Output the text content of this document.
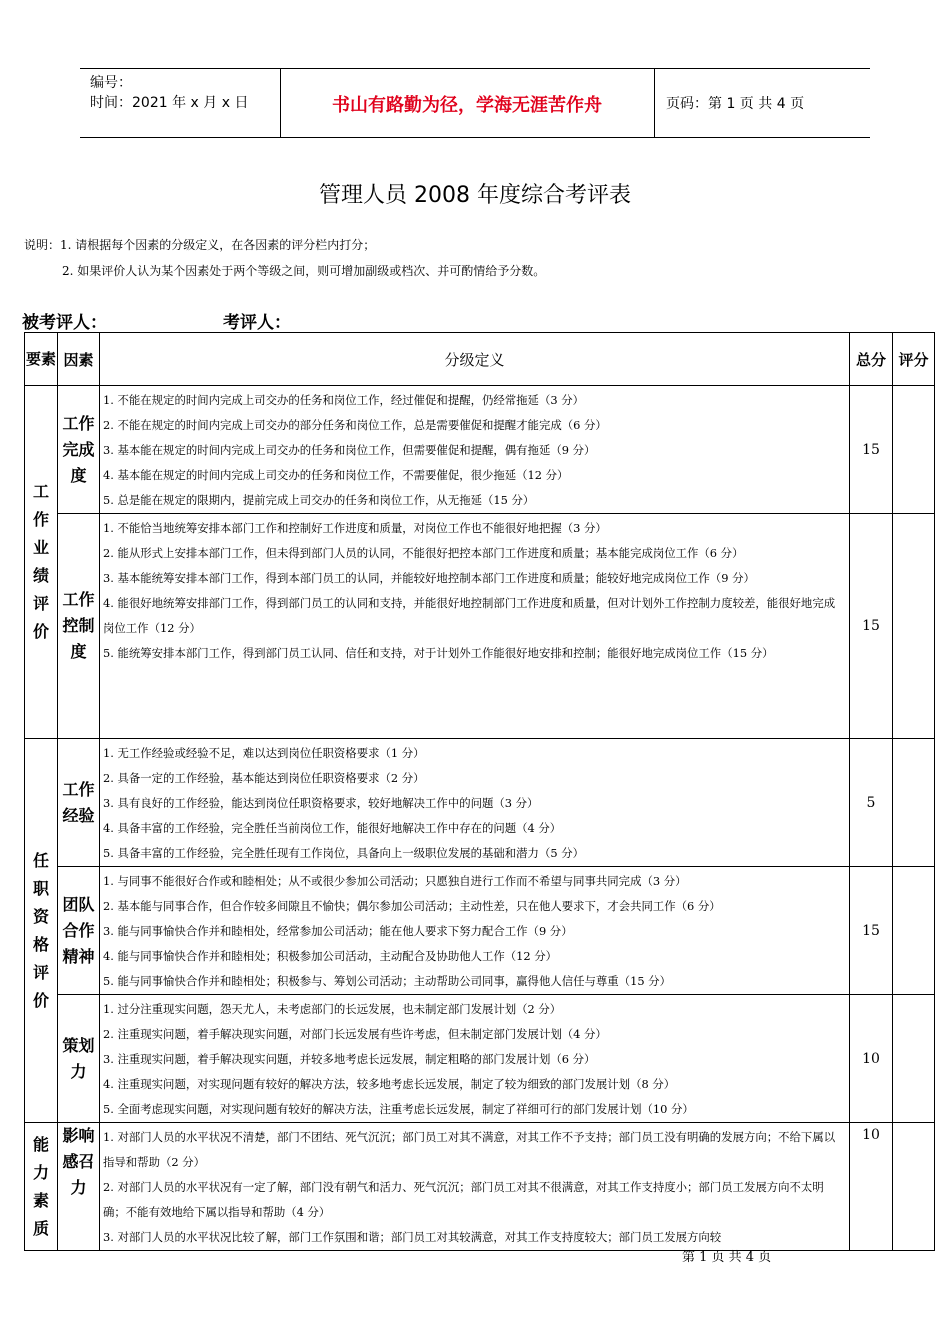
编号：
时间：2021 年 x 月 x 日	书山有路勤为径，学海无涯苦作舟	页码：第 1 页 共 4 页
管理人员 2008 年度综合考评表
说明：1. 请根据每个因素的分级定义，在各因素的评分栏内打分；
2. 如果评价人认为某个因素处于两个等级之间，则可增加副级或档次、并可酌情给予分数。
被考评人：	考评人：
要素	因素	分级定义	总分	评分

工作业绩评价	工作完成度	1. 不能在规定的时间内完成上司交办的任务和岗位工作，经过催促和提醒，仍经常拖延（3 分）
2. 不能在规定的时间内完成上司交办的部分任务和岗位工作，总是需要催促和提醒才能完成（6 分）
3. 基本能在规定的时间内完成上司交办的任务和岗位工作，但需要催促和提醒，偶有拖延（9 分）
4. 基本能在规定的时间内完成上司交办的任务和岗位工作，不需要催促，很少拖延（12 分）
5. 总是能在规定的限期内，提前完成上司交办的任务和岗位工作，从无拖延（15 分）	15	

	工作控制度	1. 不能恰当地统筹安排本部门工作和控制好工作进度和质量，对岗位工作也不能很好地把握（3 分）
2. 能从形式上安排本部门工作，但未得到部门人员的认同，不能很好把控本部门工作进度和质量；基本能完成岗位工作（6 分）
3. 基本能统筹安排本部门工作，得到本部门员工的认同，并能较好地控制本部门工作进度和质量；能较好地完成岗位工作（9 分）
4. 能很好地统筹安排部门工作，得到部门员工的认同和支持，并能很好地控制部门工作进度和质量，但对计划外工作控制力度较差，能很好地完成岗位工作（12 分）
5. 能统筹安排本部门工作，得到部门员工认同、信任和支持，对于计划外工作能很好地安排和控制；能很好地完成岗位工作（15 分）	15	

任职资格评价	工作经验	1. 无工作经验或经验不足，难以达到岗位任职资格要求（1 分）
2. 具备一定的工作经验，基本能达到岗位任职资格要求（2 分）
3. 具有良好的工作经验，能达到岗位任职资格要求，较好地解决工作中的问题（3 分）
4. 具备丰富的工作经验，完全胜任当前岗位工作，能很好地解决工作中存在的问题（4 分）
5. 具备丰富的工作经验，完全胜任现有工作岗位，具备向上一级职位发展的基础和潜力（5 分）	5	

	团队合作精神	1. 与同事不能很好合作或和睦相处；从不或很少参加公司活动；只愿独自进行工作而不希望与同事共同完成（3 分）
2. 基本能与同事合作，但合作较多间隙且不愉快；偶尔参加公司活动；主动性差，只在他人要求下，才会共同工作（6 分）
3. 能与同事愉快合作并和睦相处，经常参加公司活动；能在他人要求下努力配合工作（9 分）
4. 能与同事愉快合作并和睦相处；积极参加公司活动，主动配合及协助他人工作（12 分）
5. 能与同事愉快合作并和睦相处；积极参与、筹划公司活动；主动帮助公司同事，赢得他人信任与尊重（15 分）	15	

	策划力	1. 过分注重现实问题，怨天尤人，未考虑部门的长远发展，也未制定部门发展计划（2 分）
2. 注重现实问题，着手解决现实问题，对部门长远发展有些许考虑，但未制定部门发展计划（4 分）
3. 注重现实问题，着手解决现实问题，并较多地考虑长远发展，制定粗略的部门发展计划（6 分）
4. 注重现实问题，对实现问题有较好的解决方法，较多地考虑长远发展，制定了较为细致的部门发展计划（8 分）
5. 全面考虑现实问题，对实现问题有较好的解决方法，注重考虑长远发展，制定了祥细可行的部门发展计划（10 分）	10	

能力素质	影响感召力	1. 对部门人员的水平状况不清楚，部门不团结、死气沉沉；部门员工对其不满意，对其工作不予支持；部门员工没有明确的发展方向；不给下属以指导和帮助（2 分）
2. 对部门人员的水平状况有一定了解，部门没有朝气和活力、死气沉沉；部门员工对其不很满意，对其工作支持度小；部门员工发展方向不太明确；不能有效地给下属以指导和帮助（4 分）
3. 对部门人员的水平状况比较了解，部门工作氛围和谐；部门员工对其较满意，对其工作支持度较大；部门员工发展方向较	10	
第 1 页 共 4 页
